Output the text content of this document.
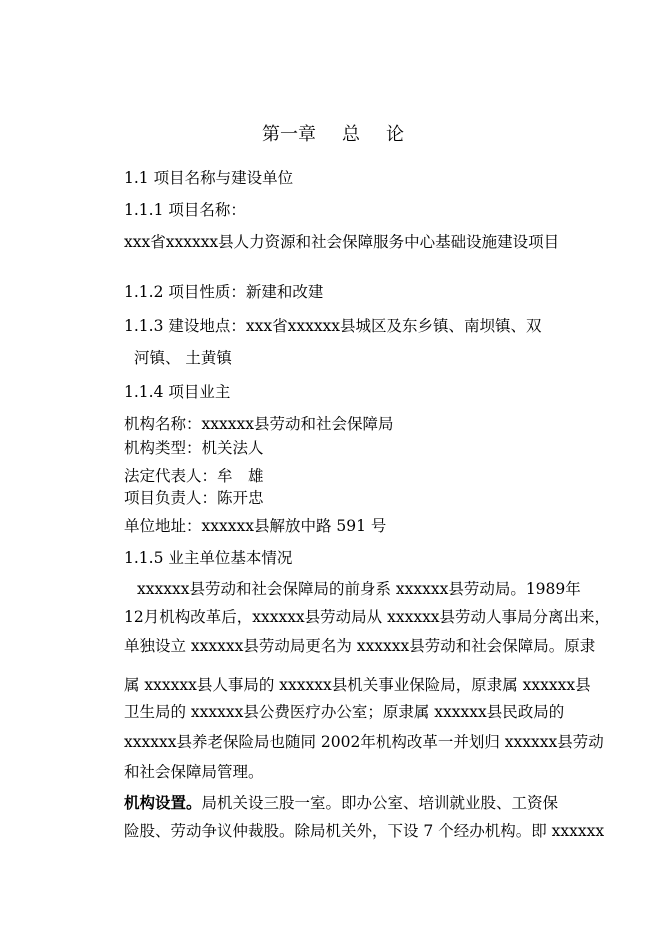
第一章 总 论
1.1 项目名称与建设单位
1.1.1 项目名称：
xxx省xxxxxx县人力资源和社会保障服务中心基础设施建设项目
1.1.2 项目性质：新建和改建
1.1.3 建设地点：xxx省xxxxxx县城区及东乡镇、南坝镇、双
河镇、 土黄镇
1.1.4 项目业主
机构名称：xxxxxx县劳动和社会保障局
机构类型：机关法人
法定代表人：牟　雄
项目负责人：陈开忠
单位地址：xxxxxx县解放中路 591 号
1.1.5 业主单位基本情况
xxxxxx县劳动和社会保障局的前身系 xxxxxx县劳动局。1989年
12月机构改革后，xxxxxx县劳动局从 xxxxxx县劳动人事局分离出来，
单独设立 xxxxxx县劳动局更名为 xxxxxx县劳动和社会保障局。原隶
属 xxxxxx县人事局的 xxxxxx县机关事业保险局，原隶属 xxxxxx县
卫生局的 xxxxxx县公费医疗办公室；原隶属 xxxxxx县民政局的
xxxxxx县养老保险局也随同 2002年机构改革一并划归 xxxxxx县劳动
和社会保障局管理。
机构设置。局机关设三股一室。即办公室、培训就业股、工资保
险股、劳动争议仲裁股。除局机关外，下设 7 个经办机构。即 xxxxxx
